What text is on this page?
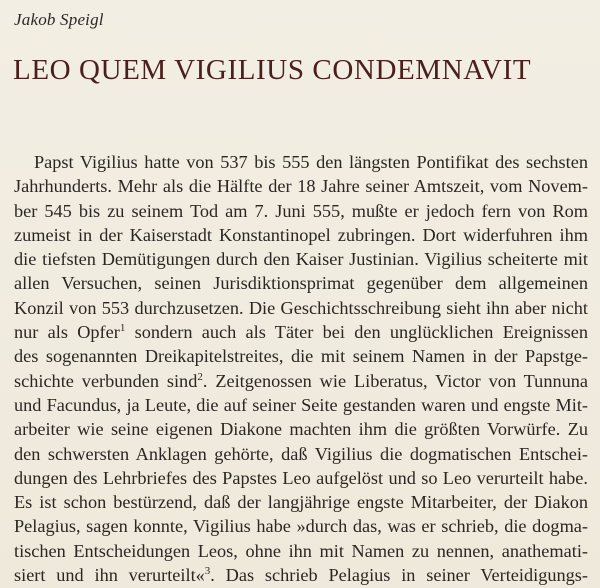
Jakob Speigl
LEO QUEM VIGILIUS CONDEMNAVIT
Papst Vigilius hatte von 537 bis 555 den längsten Pontifikat des sechsten
Jahrhunderts. Mehr als die Hälfte der 18 Jahre seiner Amtszeit, vom Novem-
ber 545 bis zu seinem Tod am 7. Juni 555, mußte er jedoch fern von Rom
zumeist in der Kaiserstadt Konstantinopel zubringen. Dort widerfuhren ihm
die tiefsten Demütigungen durch den Kaiser Justinian. Vigilius scheiterte mit
allen Versuchen, seinen Jurisdiktionsprimat gegenüber dem allgemeinen
Konzil von 553 durchzusetzen. Die Geschichtsschreibung sieht ihn aber nicht
nur als Opfer$^1$ sondern auch als Täter bei den unglücklichen Ereignissen
des sogenannten Dreikapitelstreites, die mit seinem Namen in der Papstge-
schichte verbunden sind$^2$. Zeitgenossen wie Liberatus, Victor von Tunnuna
und Facundus, ja Leute, die auf seiner Seite gestanden waren und engste Mit-
arbeiter wie seine eigenen Diakone machten ihm die größten Vorwürfe. Zu
den schwersten Anklagen gehörte, daß Vigilius die dogmatischen Entschei-
dungen des Lehrbriefes des Papstes Leo aufgelöst und so Leo verurteilt habe.
Es ist schon bestürzend, daß der langjährige engste Mitarbeiter, der Diakon
Pelagius, sagen konnte, Vigilius habe »durch das, was er schrieb, die dogma-
tischen Entscheidungen Leos, ohne ihn mit Namen zu nennen, anathemati-
siert und ihn verurteilt«$^3$. Das schrieb Pelagius in seiner Verteidigungs-
